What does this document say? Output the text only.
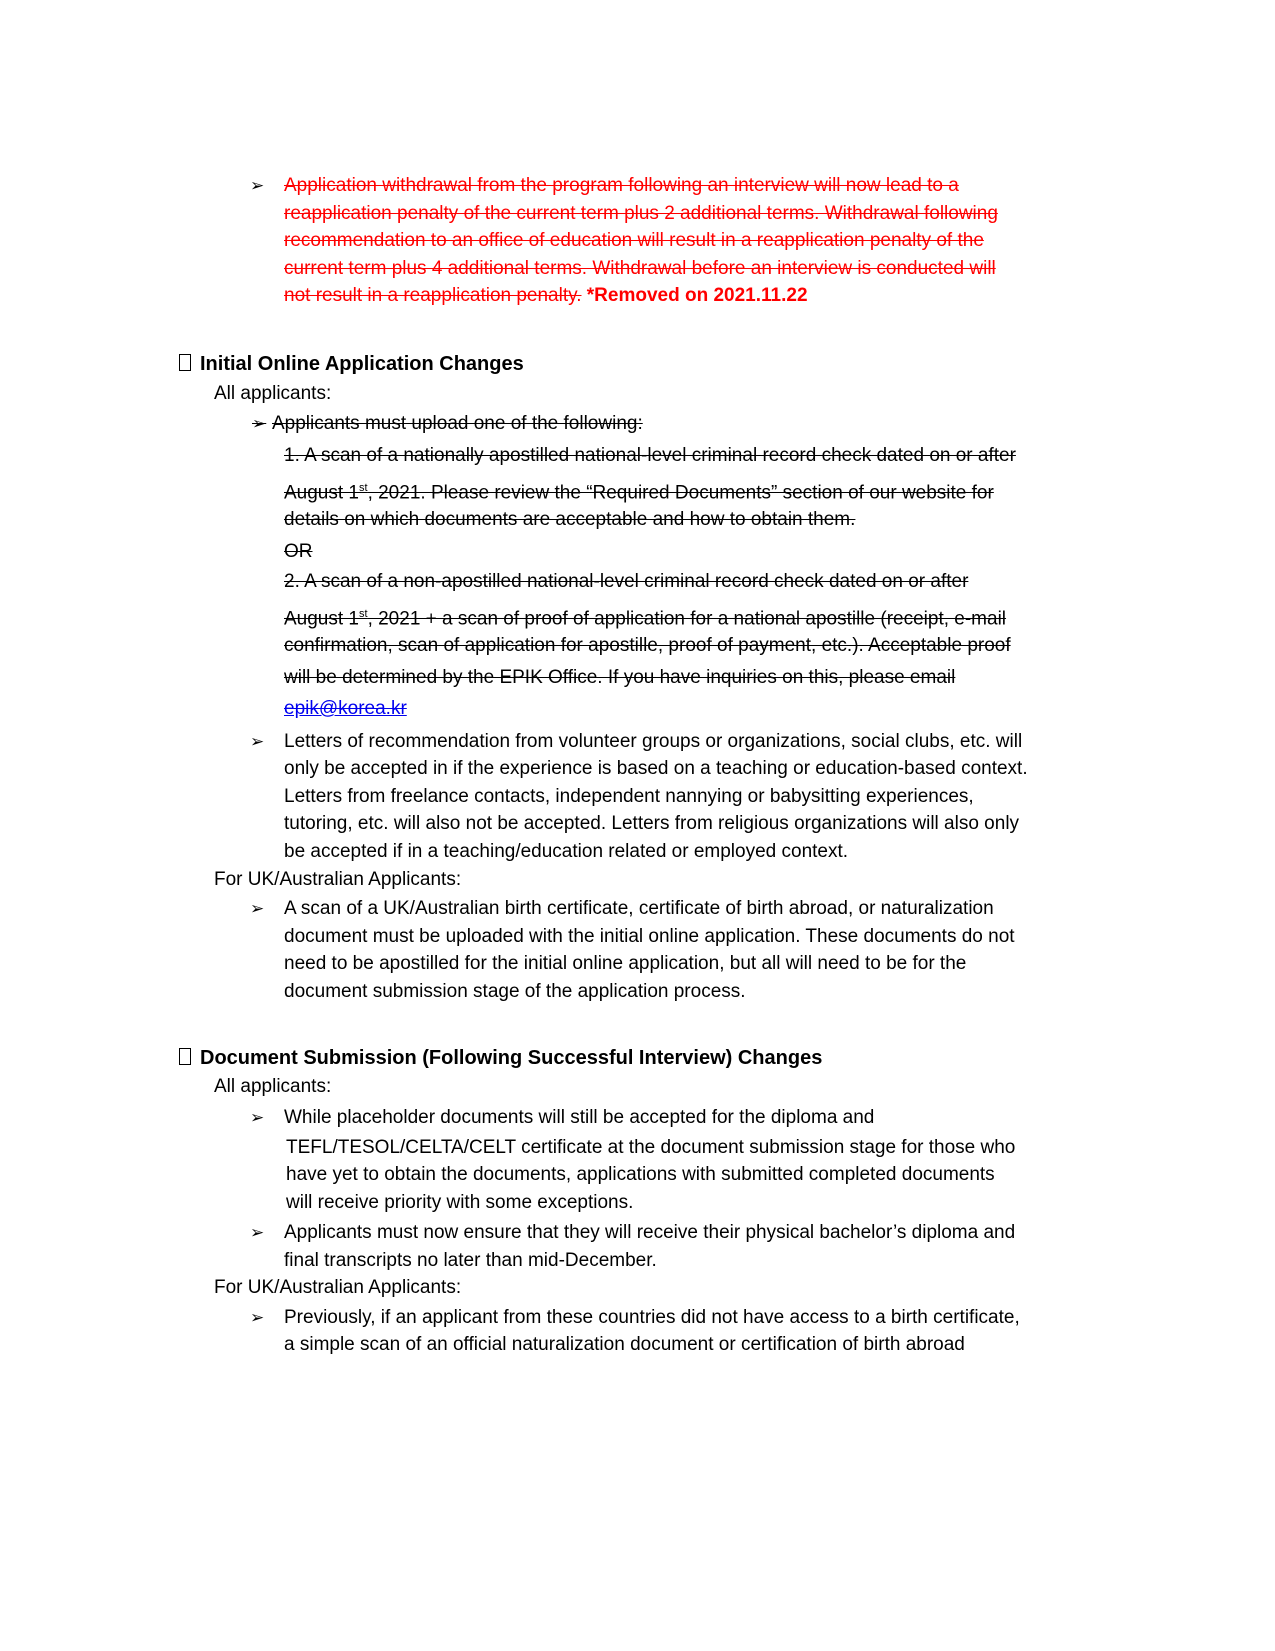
➢ Application withdrawal from the program following an interview will now lead to a
reapplication penalty of the current term plus 2 additional terms. Withdrawal following
recommendation to an office of education will result in a reapplication penalty of the
current term plus 4 additional terms. Withdrawal before an interview is conducted will
not result in a reapplication penalty. *Removed on 2021.11.22
Initial Online Application Changes
All applicants:
➢ Applicants must upload one of the following:
1. A scan of a nationally apostilled national-level criminal record check dated on or after
August 1st, 2021. Please review the “Required Documents” section of our website for
details on which documents are acceptable and how to obtain them.
OR
2. A scan of a non-apostilled national-level criminal record check dated on or after
August 1st, 2021 + a scan of proof of application for a national apostille (receipt, e-mail
confirmation, scan of application for apostille, proof of payment, etc.). Acceptable proof
will be determined by the EPIK Office. If you have inquiries on this, please email
epik@korea.kr
➢ Letters of recommendation from volunteer groups or organizations, social clubs, etc. will
only be accepted in if the experience is based on a teaching or education-based context.
Letters from freelance contacts, independent nannying or babysitting experiences,
tutoring, etc. will also not be accepted. Letters from religious organizations will also only
be accepted if in a teaching/education related or employed context.
For UK/Australian Applicants:
➢ A scan of a UK/Australian birth certificate, certificate of birth abroad, or naturalization
document must be uploaded with the initial online application. These documents do not
need to be apostilled for the initial online application, but all will need to be for the
document submission stage of the application process.
Document Submission (Following Successful Interview) Changes
All applicants:
➢ While placeholder documents will still be accepted for the diploma and
TEFL/TESOL/CELTA/CELT certificate at the document submission stage for those who
have yet to obtain the documents, applications with submitted completed documents
will receive priority with some exceptions.
➢ Applicants must now ensure that they will receive their physical bachelor’s diploma and
final transcripts no later than mid-December.
For UK/Australian Applicants:
➢ Previously, if an applicant from these countries did not have access to a birth certificate,
a simple scan of an official naturalization document or certification of birth abroad
